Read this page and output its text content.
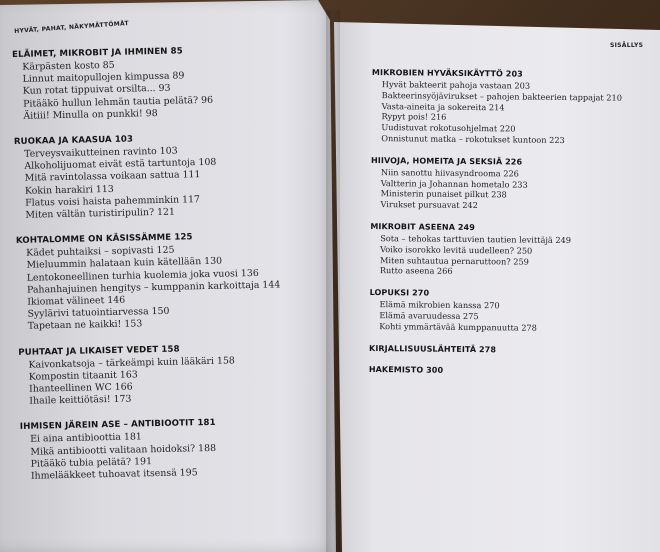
HYVÄT, PAHAT, NÄKYMÄTTÖMÄT
SISÄLLYS
ELÄIMET, MIKROBIT JA IHMINEN 85
Kärpästen kosto 85
Linnut maitopullojen kimpussa 89
Kun rotat tippuivat orsilta... 93
Pitääkö hullun lehmän tautia pelätä? 96
Äitiii! Minulla on punkki! 98
RUOKAA JA KAASUA 103
Terveysvaikutteinen ravinto 103
Alkoholijuomat eivät estä tartuntoja 108
Mitä ravintolassa voikaan sattua 111
Kokin harakiri 113
Flatus voisi haista pahemminkin 117
Miten vältän turistiripulin? 121
KOHTALOMME ON KÄSISSÄMME 125
Kädet puhtaiksi – sopivasti 125
Mieluummin halataan kuin kätellään 130
Lentokoneellinen turhia kuolemia joka vuosi 136
Pahanhajuinen hengitys – kumppanin karkoittaja 144
Ikiomat välineet 146
Syylärivi tatuointiarvessa 150
Tapetaan ne kaikki! 153
PUHTAAT JA LIKAISET VEDET 158
Kaivonkatsoja – tärkeämpi kuin lääkäri 158
Kompostin titaanit 163
Ihanteellinen WC 166
Ihaile keittiötäsi! 173
IHMISEN JÄREIN ASE – ANTIBIOOTIT 181
Ei aina antibioottia 181
Mikä antibiootti valitaan hoidoksi? 188
Pitääkö tubia pelätä? 191
Ihmelääkkeet tuhoavat itsensä 195
MIKROBIEN HYVÄKSIKÄYTTÖ 203
Hyvät bakteerit pahoja vastaan 203
Bakteerinsyöjävirukset – pahojen bakteerien tappajat 210
Vasta-aineita ja sokereita 214
Rypyt pois! 216
Uudistuvat rokotusohjelmat 220
Onnistunut matka – rokotukset kuntoon 223
HIIVOJA, HOMEITA JA SEKSIÄ 226
Niin sanottu hiivasyndrooma 226
Valtterin ja Johannan hometalo 233
Ministerin punaiset pilkut 238
Virukset pursuavat 242
MIKROBIT ASEENA 249
Sota – tehokas tarttuvien tautien levittäjä 249
Voiko isorokko levitä uudelleen? 250
Miten suhtautua pernaruttoon? 259
Rutto aseena 266
LOPUKSI 270
Elämä mikrobien kanssa 270
Elämä avaruudessa 275
Kohti ymmärtävää kumppanuutta 278
KIRJALLISUUSLÄHTEITÄ 278
HAKEMISTO 300
